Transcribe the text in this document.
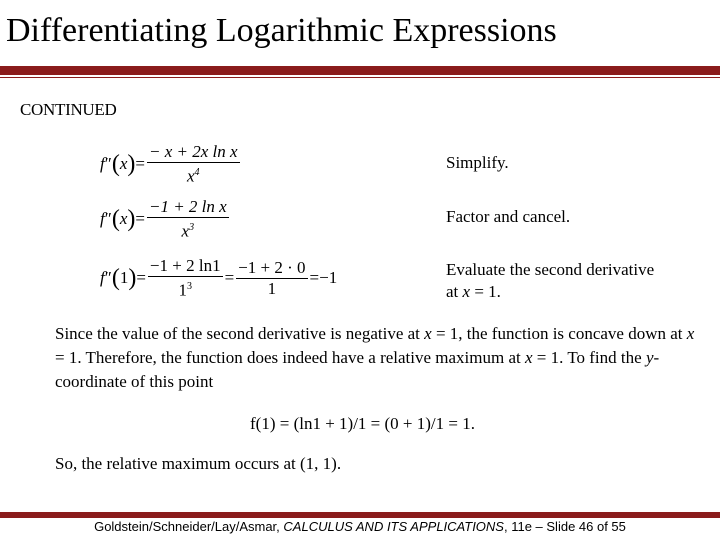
Differentiating Logarithmic Expressions
CONTINUED
f ″ ( x ) = $\frac{\text{− x + 2x ln x}}{x^4}$
f ″ ( x ) = $\frac{\text{−1 + 2 ln x}}{x^3}$
f ″ ( 1 ) = $\frac{-1 + 2 \ln 1}{1^3} = \frac{-1 + 2 \cdot 0}{1} = -1$
Simplify.
Factor and cancel.
Evaluate the second derivative
at x = 1.
Since the value of the second derivative is negative at x = 1, the function is concave down at x = 1. Therefore, the function does indeed have a relative maximum at x = 1. To find the y-coordinate of this point
f(1) = (ln1 + 1)/1 = (0 + 1)/1 = 1.
So, the relative maximum occurs at (1, 1).
Goldstein/Schneider/Lay/Asmar, CALCULUS AND ITS APPLICATIONS, 11e – Slide 46 of 55
